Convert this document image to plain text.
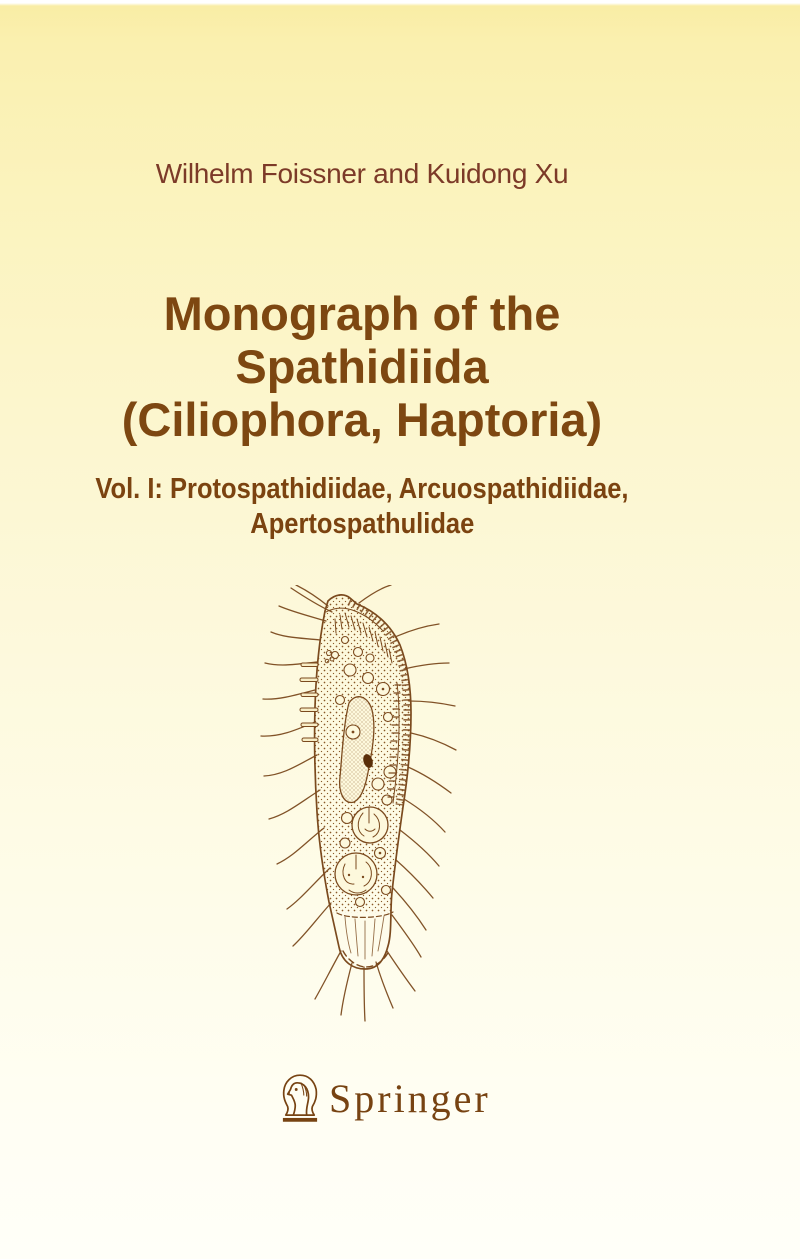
Wilhelm Foissner and Kuidong Xu
Monograph of the
Spathidiida
(Ciliophora, Haptoria)
Vol. I: Protospathidiidae, Arcuospathidiidae,
Apertospathulidae
Springer
